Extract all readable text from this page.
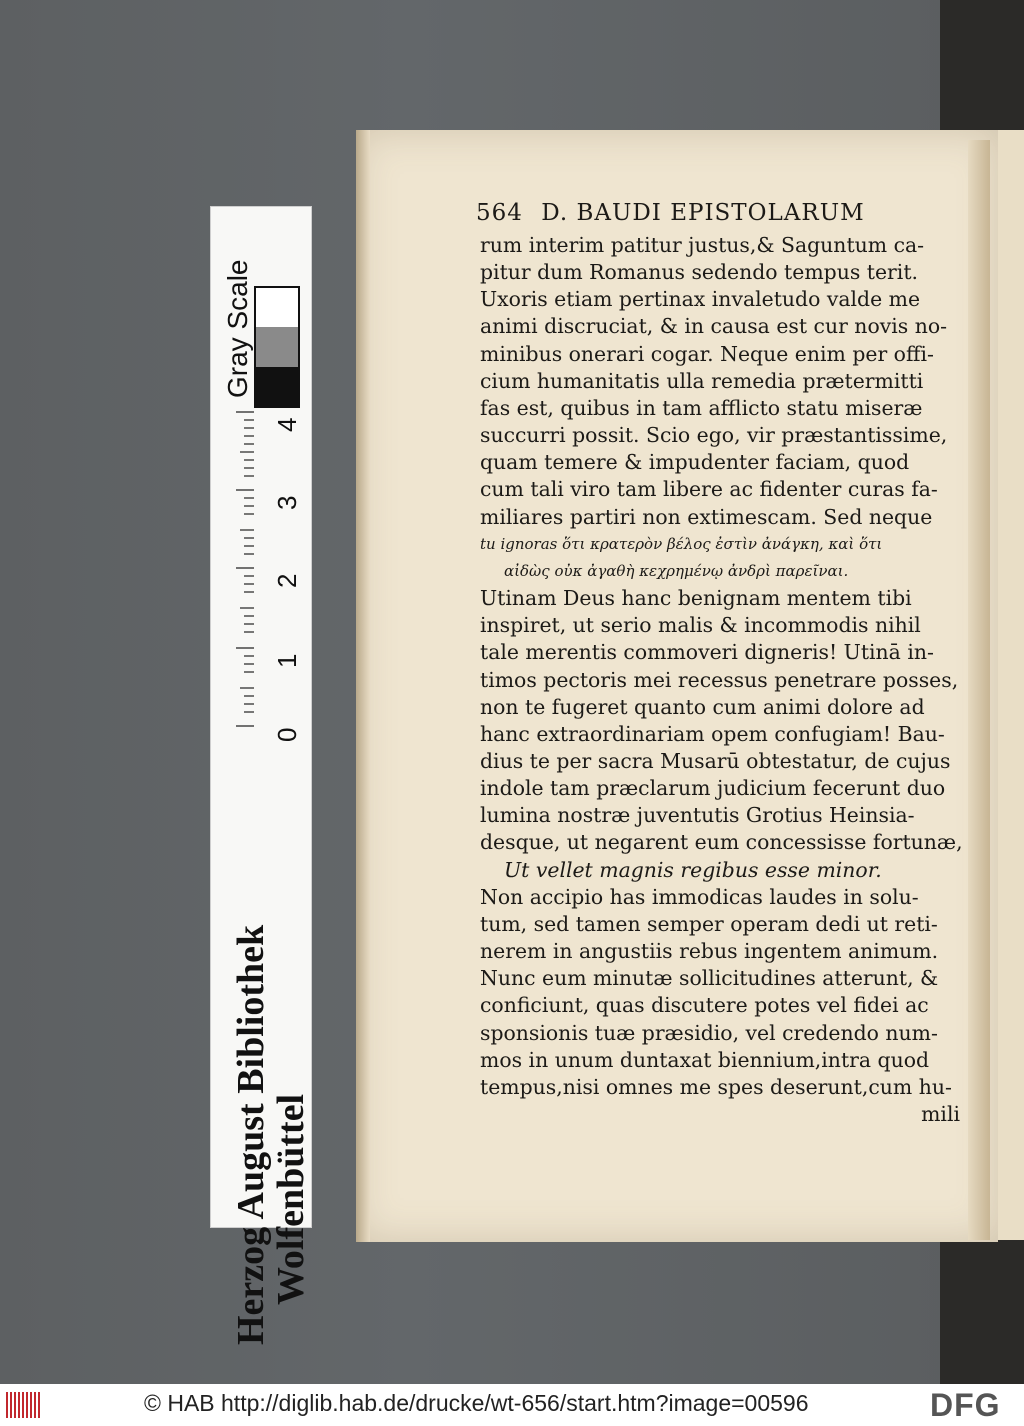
564 D. BAUDI EPISTOLARUM
rum interim patitur justus,& Saguntum ca-
pitur dum Romanus sedendo tempus terit.
Uxoris etiam pertinax invaletudo valde me
animi discruciat, & in causa est cur novis no-
minibus onerari cogar. Neque enim per offi-
cium humanitatis ulla remedia prætermitti
fas est, quibus in tam afflicto statu miseræ
succurri possit. Scio ego, vir præstantissime,
quam temere & impudenter faciam, quod
cum tali viro tam libere ac fidenter curas fa-
miliares partiri non extimescam. Sed neque
tu ignoras ὅτι κρατερὸν βέλος ἐστὶν ἀνάγκη, καὶ ὅτι
αἰδὼς οὐκ ἀγαθὴ κεχρημένῳ ἀνδρὶ παρεῖναι.
Utinam Deus hanc benignam mentem tibi
inspiret, ut serio malis & incommodis nihil
tale merentis commoveri digneris! Utinā in-
timos pectoris mei recessus penetrare posses,
non te fugeret quanto cum animi dolore ad
hanc extraordinariam opem confugiam! Bau-
dius te per sacra Musarū obtestatur, de cujus
indole tam præclarum judicium fecerunt duo
lumina nostræ juventutis Grotius Heinsia-
desque, ut negarent eum concessisse fortunæ,
Ut vellet magnis regibus esse minor.
Non accipio has immodicas laudes in solu-
tum, sed tamen semper operam dedi ut reti-
nerem in angustiis rebus ingentem animum.
Nunc eum minutæ sollicitudines atterunt, &
conficiunt, quas discutere potes vel fidei ac
sponsionis tuæ præsidio, vel credendo num-
mos in unum duntaxat biennium,intra quod
tempus,nisi omnes me spes deserunt,cum hu-
mili
Herzog August Bibliothek
Wolfenbüttel
Gray Scale
0
1
2
3
4
© HAB http://diglib.hab.de/drucke/wt-656/start.htm?image=00596	DFG
